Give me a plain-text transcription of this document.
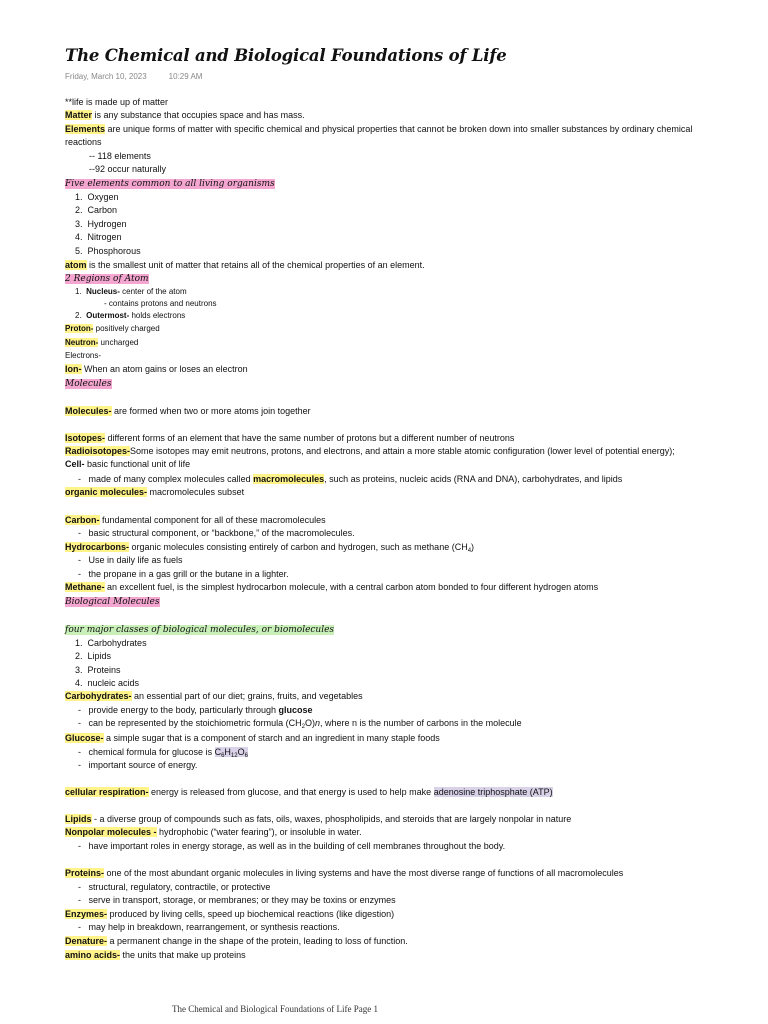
The Chemical and Biological Foundations of Life
Friday, March 10, 2023	10:29 AM
**life is made up of matter
Matter is any substance that occupies space and has mass.
Elements are unique forms of matter with specific chemical and physical properties that cannot be broken down into smaller substances by ordinary chemical
reactions
-- 118 elements
--92 occur naturally
Five elements common to all living organisms
1. Oxygen
2. Carbon
3. Hydrogen
4. Nitrogen
5. Phosphorous
atom is the smallest unit of matter that retains all of the chemical properties of an element.
2 Regions of Atom
1. Nucleus- center of the atom
- contains protons and neutrons
2. Outermost- holds electrons
Proton- positively charged
Neutron- uncharged
Electrons-
Ion- When an atom gains or loses an electron
Molecules
Molecules- are formed when two or more atoms join together
Isotopes- different forms of an element that have the same number of protons but a different number of neutrons
Radioisotopes-Some isotopes may emit neutrons, protons, and electrons, and attain a more stable atomic configuration (lower level of potential energy);
Cell- basic functional unit of life
- made of many complex molecules called macromolecules, such as proteins, nucleic acids (RNA and DNA), carbohydrates, and lipids
organic molecules- macromolecules subset
Carbon- fundamental component for all of these macromolecules
- basic structural component, or “backbone,” of the macromolecules.
Hydrocarbons- organic molecules consisting entirely of carbon and hydrogen, such as methane $(CH_4)$
- Use in daily life as fuels
- the propane in a gas grill or the butane in a lighter.
Methane- an excellent fuel, is the simplest hydrocarbon molecule, with a central carbon atom bonded to four different hydrogen atoms
Biological Molecules
four major classes of biological molecules, or biomolecules
1. Carbohydrates
2. Lipids
3. Proteins
4. nucleic acids
Carbohydrates- an essential part of our diet; grains, fruits, and vegetables
- provide energy to the body, particularly through glucose
- can be represented by the stoichiometric formula $(CH_2O)n$, where n is the number of carbons in the molecule
Glucose- a simple sugar that is a component of starch and an ingredient in many staple foods
- chemical formula for glucose is $C_6H_{12}O_6$
- important source of energy.
cellular respiration- energy is released from glucose, and that energy is used to help make adenosine triphosphate (ATP)
Lipids - a diverse group of compounds such as fats, oils, waxes, phospholipids, and steroids that are largely nonpolar in nature
Nonpolar molecules - hydrophobic (“water fearing”), or insoluble in water.
- have important roles in energy storage, as well as in the building of cell membranes throughout the body.
Proteins- one of the most abundant organic molecules in living systems and have the most diverse range of functions of all macromolecules
- structural, regulatory, contractile, or protective
- serve in transport, storage, or membranes; or they may be toxins or enzymes
Enzymes- produced by living cells, speed up biochemical reactions (like digestion)
- may help in breakdown, rearrangement, or synthesis reactions.
Denature- a permanent change in the shape of the protein, leading to loss of function.
amino acids- the units that make up proteins
The Chemical and Biological Foundations of Life Page 1
